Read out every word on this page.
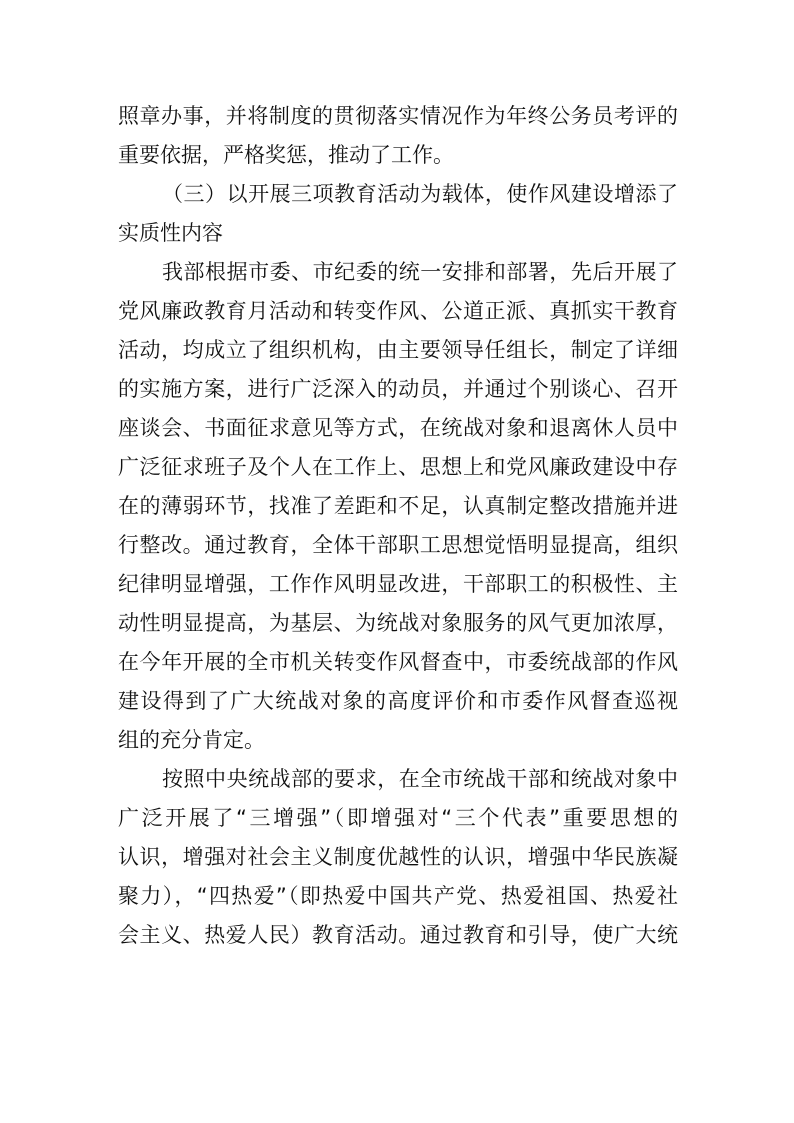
照章办事，并将制度的贯彻落实情况作为年终公务员考评的
重要依据，严格奖惩，推动了工作。
（三）以开展三项教育活动为载体，使作风建设增添了
实质性内容
我部根据市委、市纪委的统一安排和部署，先后开展了
党风廉政教育月活动和转变作风、公道正派、真抓实干教育
活动，均成立了组织机构，由主要领导任组长，制定了详细
的实施方案，进行广泛深入的动员，并通过个别谈心、召开
座谈会、书面征求意见等方式，在统战对象和退离休人员中
广泛征求班子及个人在工作上、思想上和党风廉政建设中存
在的薄弱环节，找准了差距和不足，认真制定整改措施并进
行整改。通过教育，全体干部职工思想觉悟明显提高，组织
纪律明显增强，工作作风明显改进，干部职工的积极性、主
动性明显提高，为基层、为统战对象服务的风气更加浓厚，
在今年开展的全市机关转变作风督查中，市委统战部的作风
建设得到了广大统战对象的高度评价和市委作风督查巡视
组的充分肯定。
按照中央统战部的要求，在全市统战干部和统战对象中
广泛开展了“三增强”（即增强对“三个代表”重要思想的
认识，增强对社会主义制度优越性的认识，增强中华民族凝
聚力），“四热爱”（即热爱中国共产党、热爱祖国、热爱社
会主义、热爱人民）教育活动。通过教育和引导，使广大统
